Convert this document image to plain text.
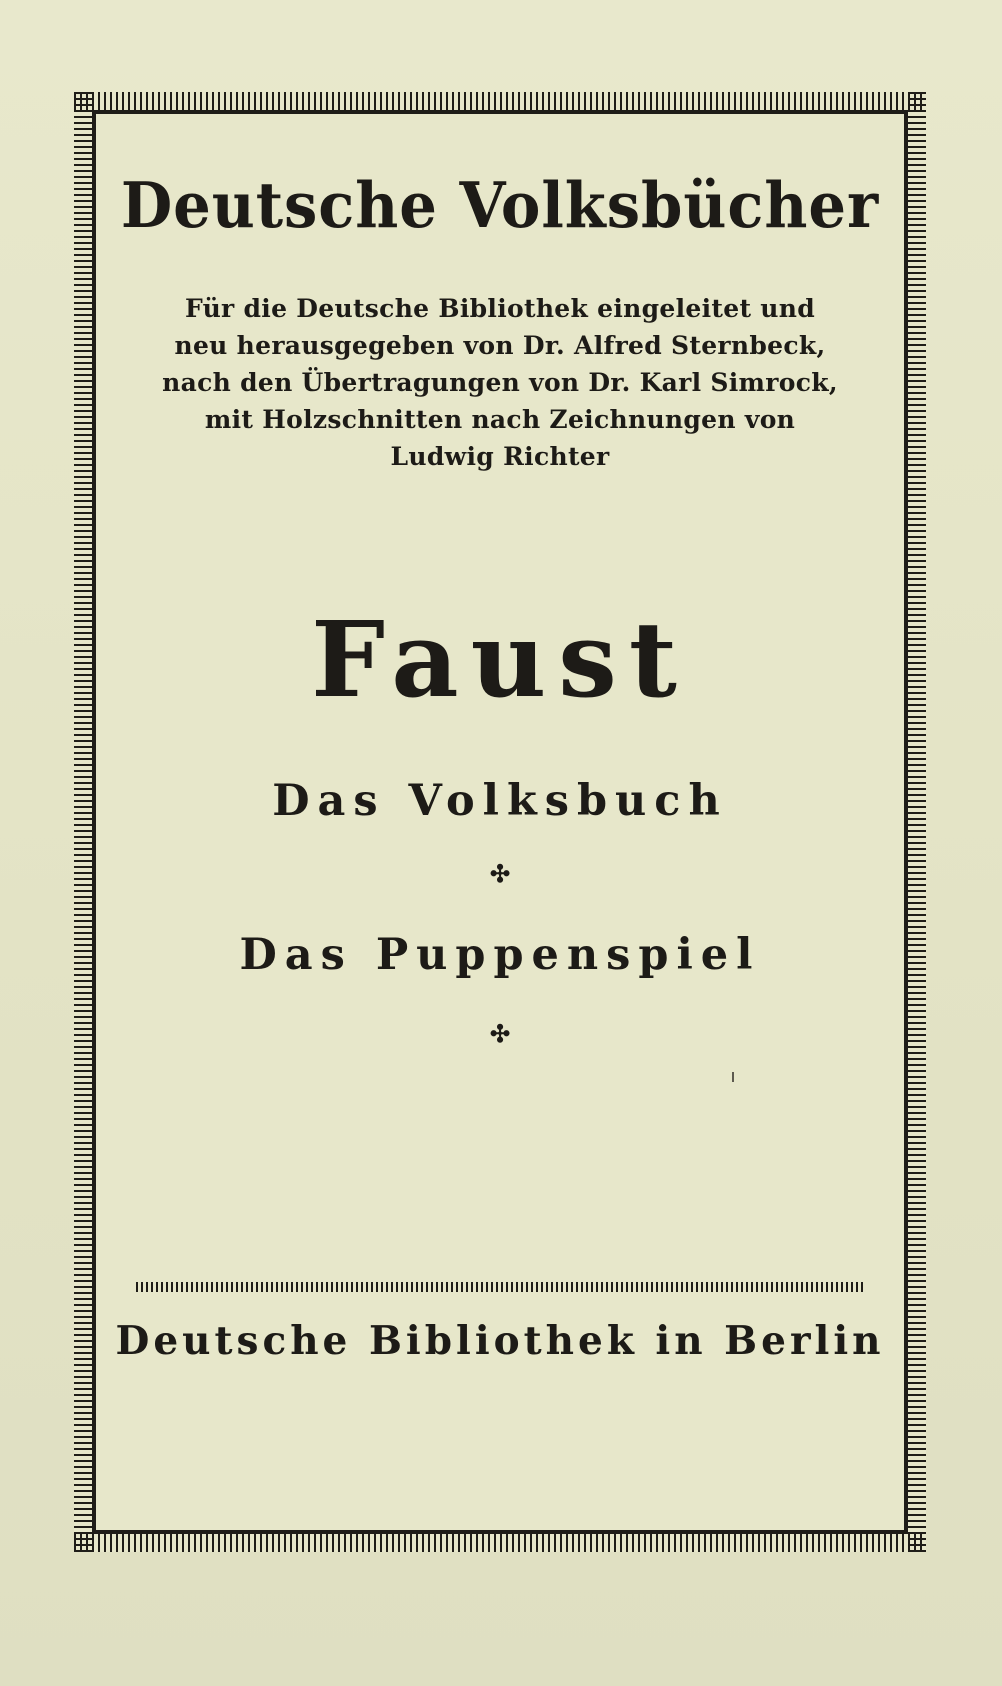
Deutsche Volksbücher
Für die Deutsche Bibliothek eingeleitet und
neu herausgegeben von Dr. Alfred Sternbeck,
nach den Übertragungen von Dr. Karl Simrock,
mit Holzschnitten nach Zeichnungen von
Ludwig Richter
Faust
Das Volksbuch
✣
Das Puppenspiel
✣
Deutsche Bibliothek in Berlin
